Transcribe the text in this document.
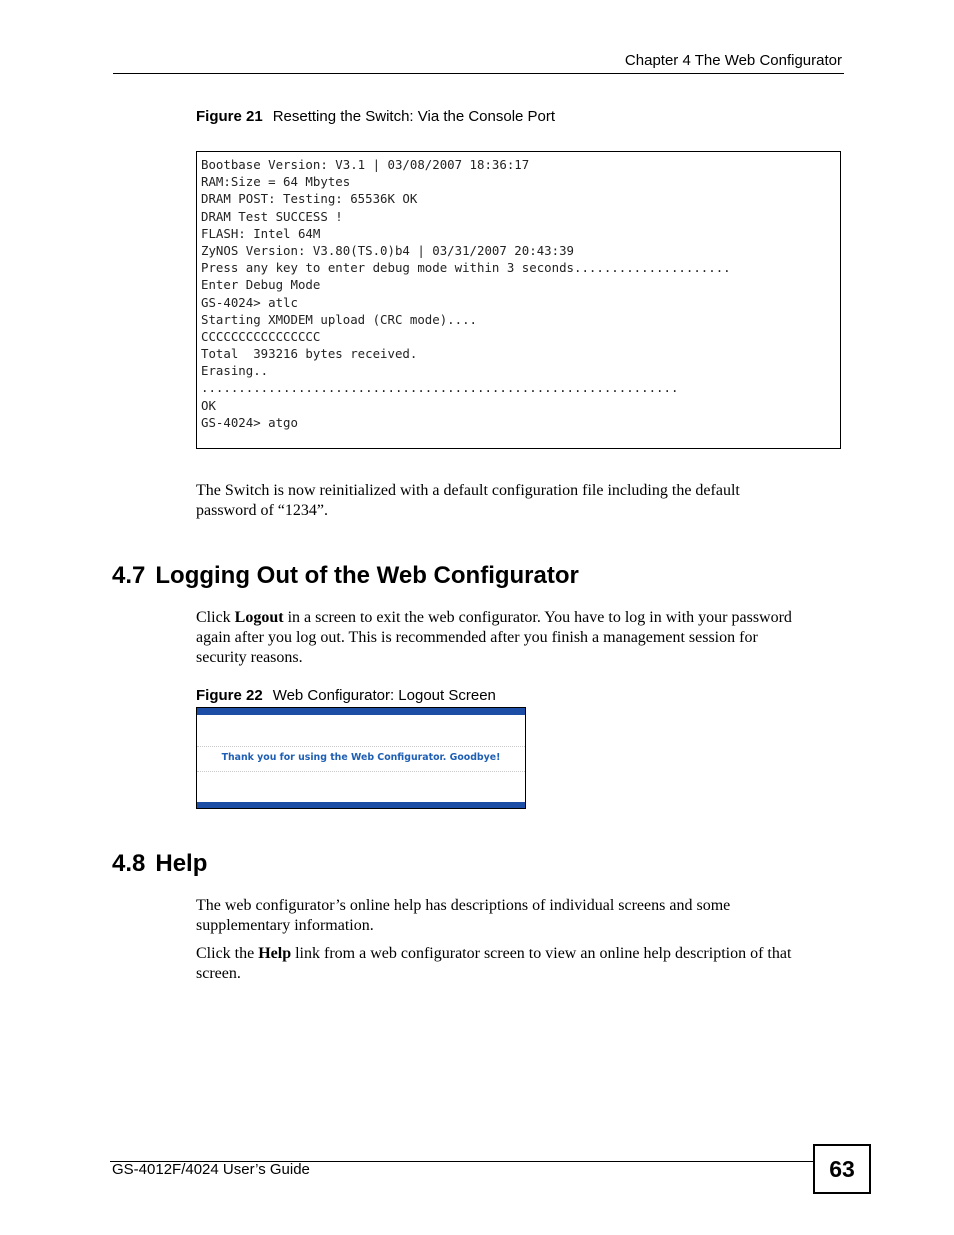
Chapter 4 The Web Configurator
Figure 21 Resetting the Switch: Via the Console Port
Bootbase Version: V3.1 | 03/08/2007 18:36:17
RAM:Size = 64 Mbytes
DRAM POST: Testing: 65536K OK
DRAM Test SUCCESS !
FLASH: Intel 64M
ZyNOS Version: V3.80(TS.0)b4 | 03/31/2007 20:43:39
Press any key to enter debug mode within 3 seconds.....................
Enter Debug Mode
GS-4024> atlc
Starting XMODEM upload (CRC mode)....
CCCCCCCCCCCCCCCC
Total  393216 bytes received.
Erasing..
................................................................
OK
GS-4024> atgo
The Switch is now reinitialized with a default configuration file including the default
password of “1234”.
4.7 Logging Out of the Web Configurator
Click Logout in a screen to exit the web configurator. You have to log in with your password
again after you log out. This is recommended after you finish a management session for
security reasons.
Figure 22 Web Configurator: Logout Screen
Thank you for using the Web Configurator. Goodbye!
4.8 Help
The web configurator’s online help has descriptions of individual screens and some
supplementary information.
Click the Help link from a web configurator screen to view an online help description of that
screen.
GS-4012F/4024 User’s Guide	63
